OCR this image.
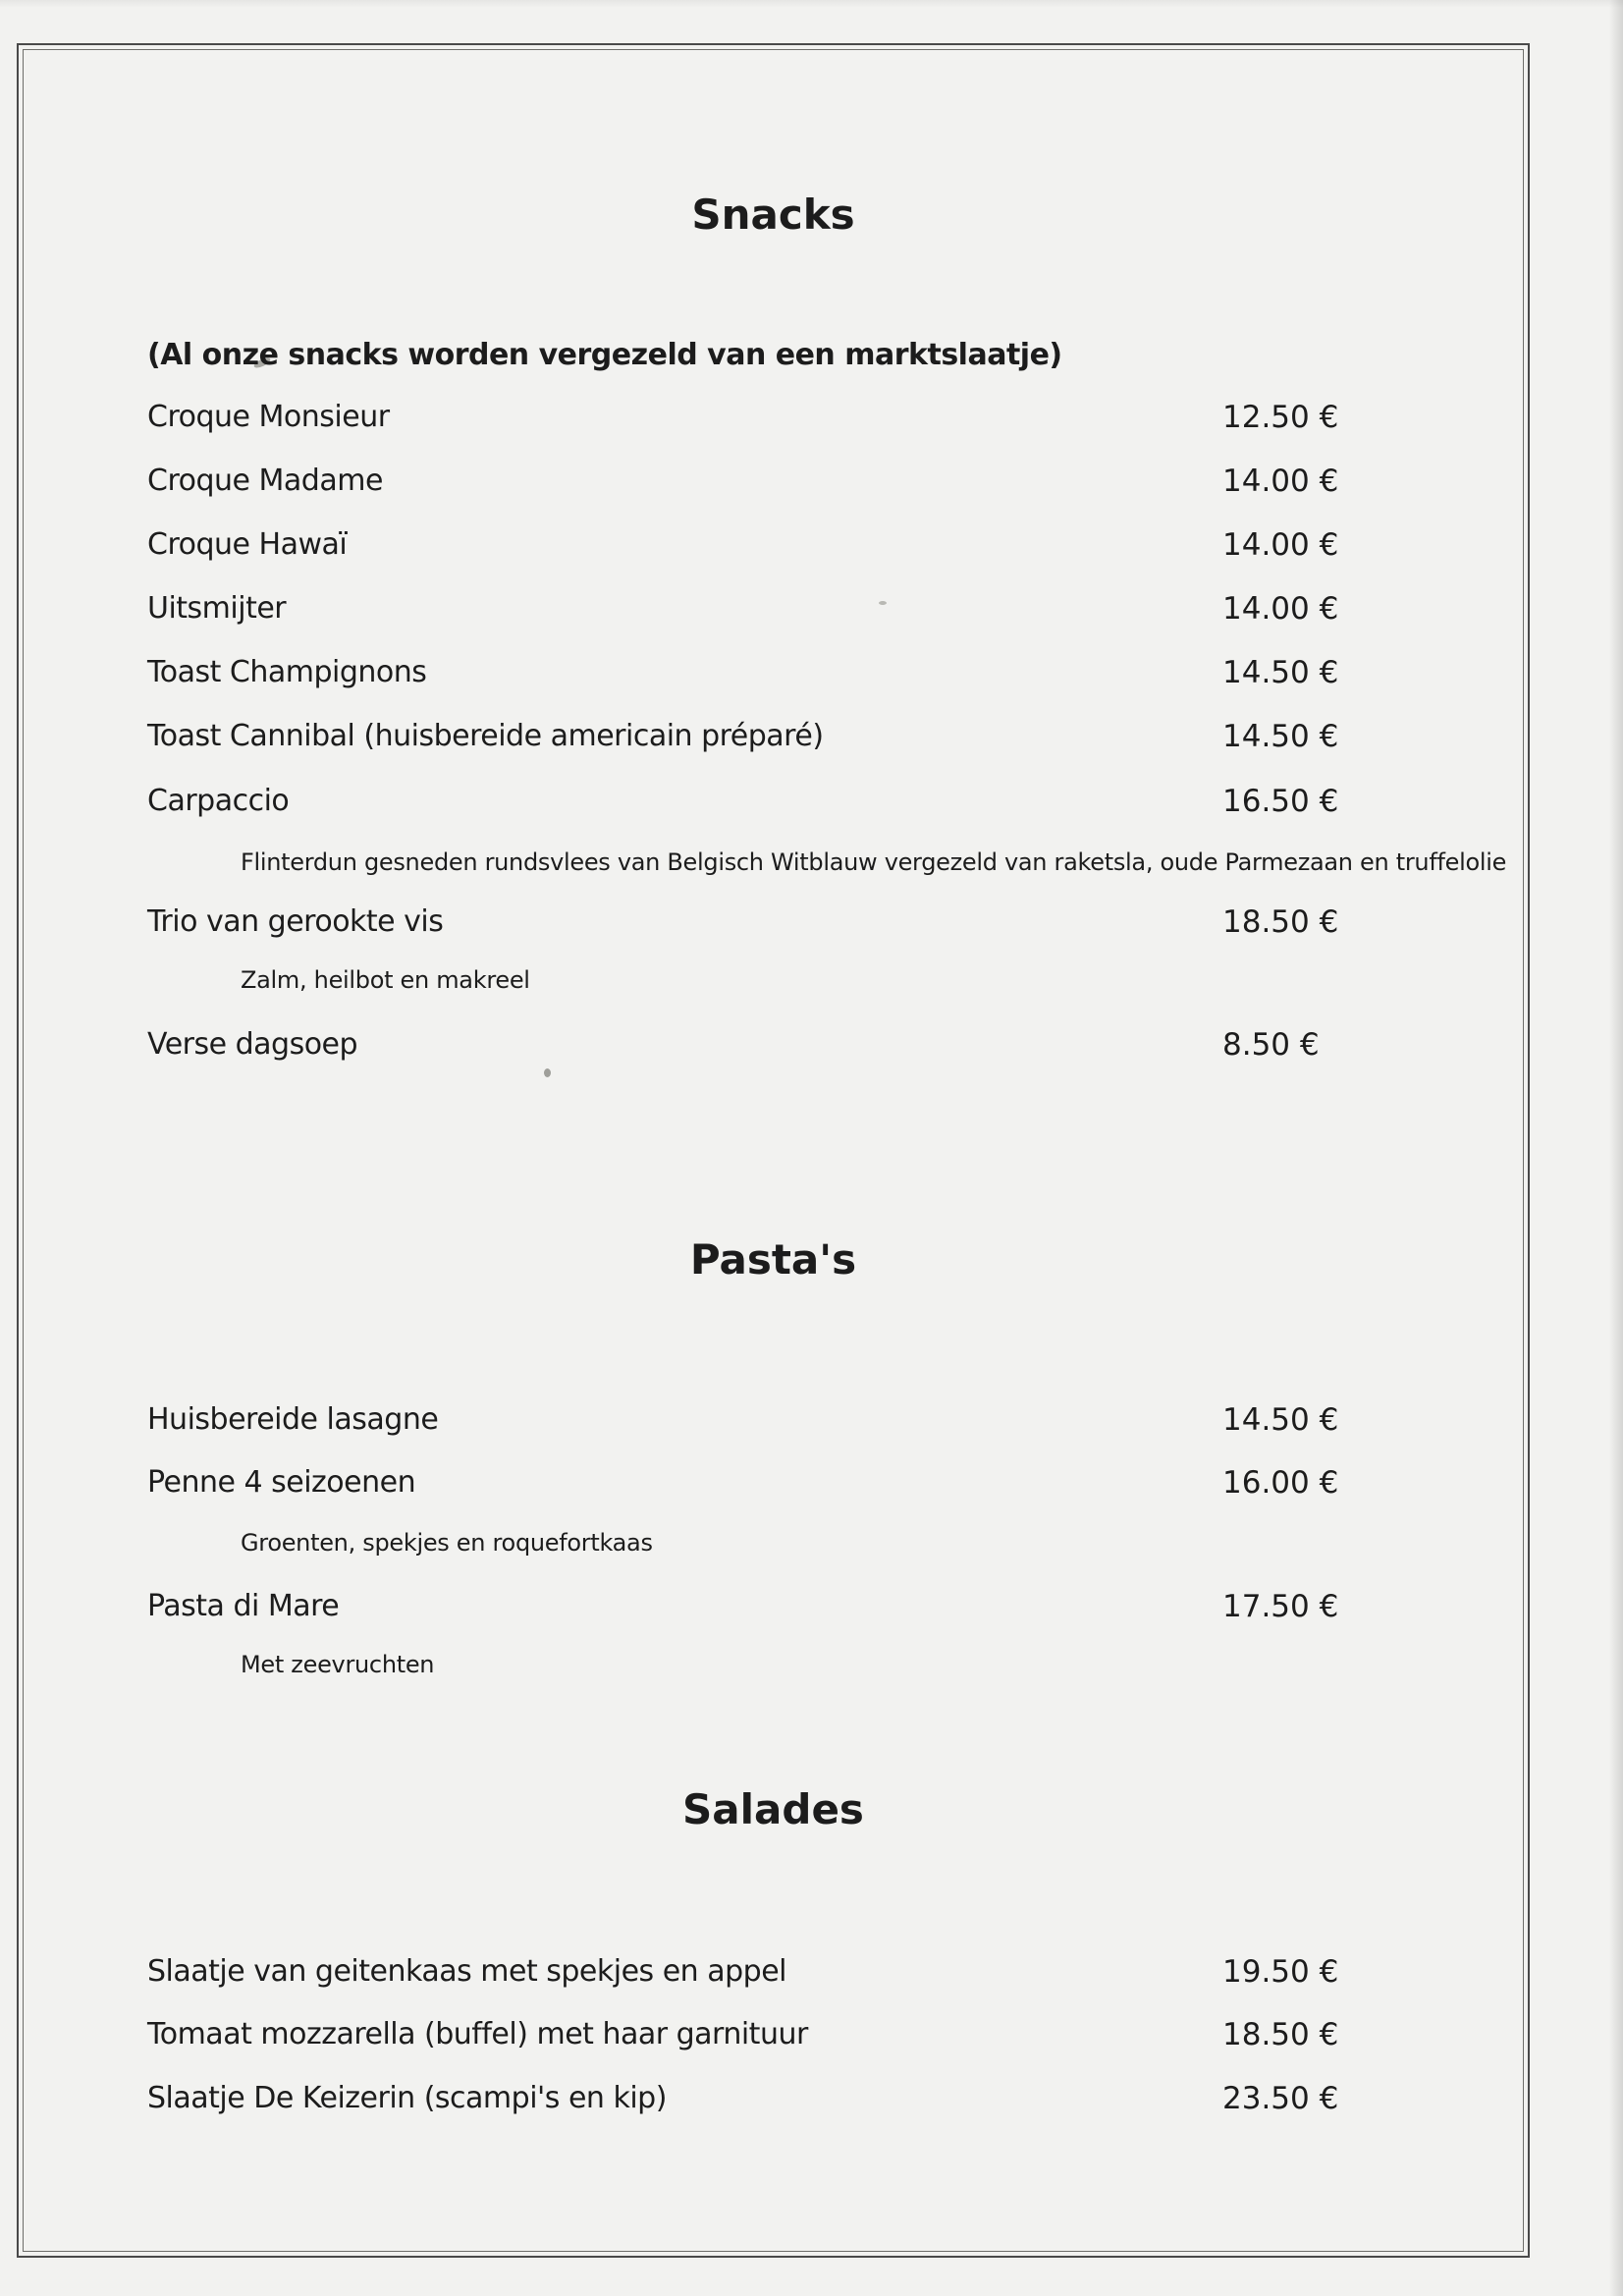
Snacks
(Al onze snacks worden vergezeld van een marktslaatje)
Croque Monsieur	12.50 €
Croque Madame	14.00 €
Croque Hawaï	14.00 €
Uitsmijter	14.00 €
Toast Champignons	14.50 €
Toast Cannibal (huisbereide americain préparé)	14.50 €
Carpaccio	16.50 €
Flinterdun gesneden rundsvlees van Belgisch Witblauw vergezeld van raketsla, oude Parmezaan en truffelolie
Trio van gerookte vis	18.50 €
Zalm, heilbot en makreel
Verse dagsoep	8.50 €
Pasta's
Huisbereide lasagne	14.50 €
Penne 4 seizoenen	16.00 €
Groenten, spekjes en roquefortkaas
Pasta di Mare	17.50 €
Met zeevruchten
Salades
Slaatje van geitenkaas met spekjes en appel	19.50 €
Tomaat mozzarella (buffel) met haar garnituur	18.50 €
Slaatje De Keizerin (scampi's en kip)	23.50 €
